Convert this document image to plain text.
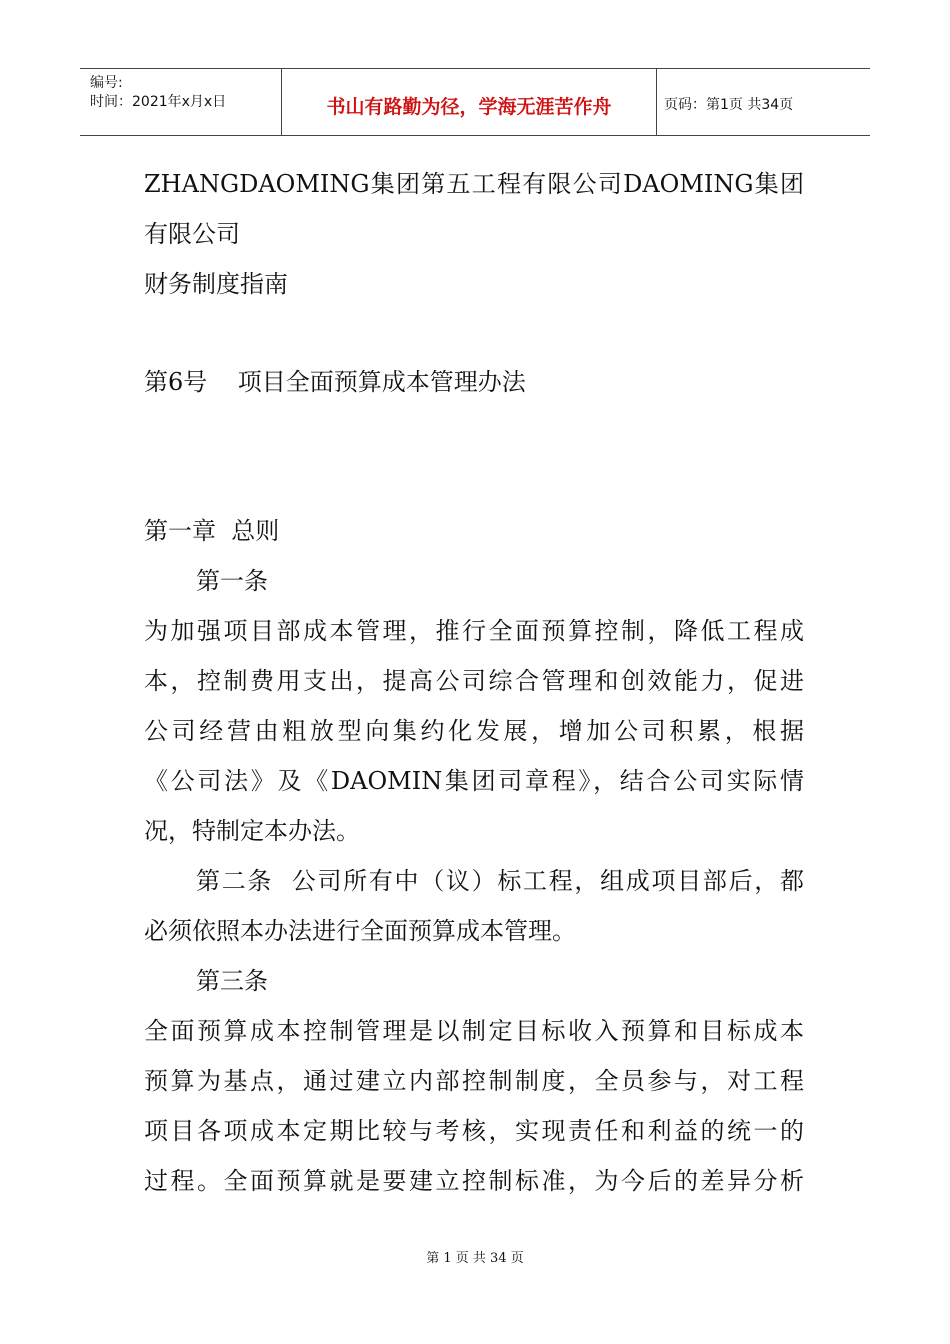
编号:
时间：2021年x月x日	书山有路勤为径，学海无涯苦作舟	页码：第1页 共34页
ZHANGDAOMING集团第五工程有限公司DAOMING集团
有限公司
财务制度指南
第6号    项目全面预算成本管理办法
第一章  总则
第一条
为加强项目部成本管理，推行全面预算控制，降低工程成
本，控制费用支出，提高公司综合管理和创效能力，促进
公司经营由粗放型向集约化发展，增加公司积累，根据
《公司法》及《DAOMIN集团司章程》，结合公司实际情
况，特制定本办法。
第二条  公司所有中（议）标工程，组成项目部后，都
必须依照本办法进行全面预算成本管理。
第三条
全面预算成本控制管理是以制定目标收入预算和目标成本
预算为基点，通过建立内部控制制度，全员参与，对工程
项目各项成本定期比较与考核，实现责任和利益的统一的
过程。全面预算就是要建立控制标准，为今后的差异分析
第 1 页 共 34 页
